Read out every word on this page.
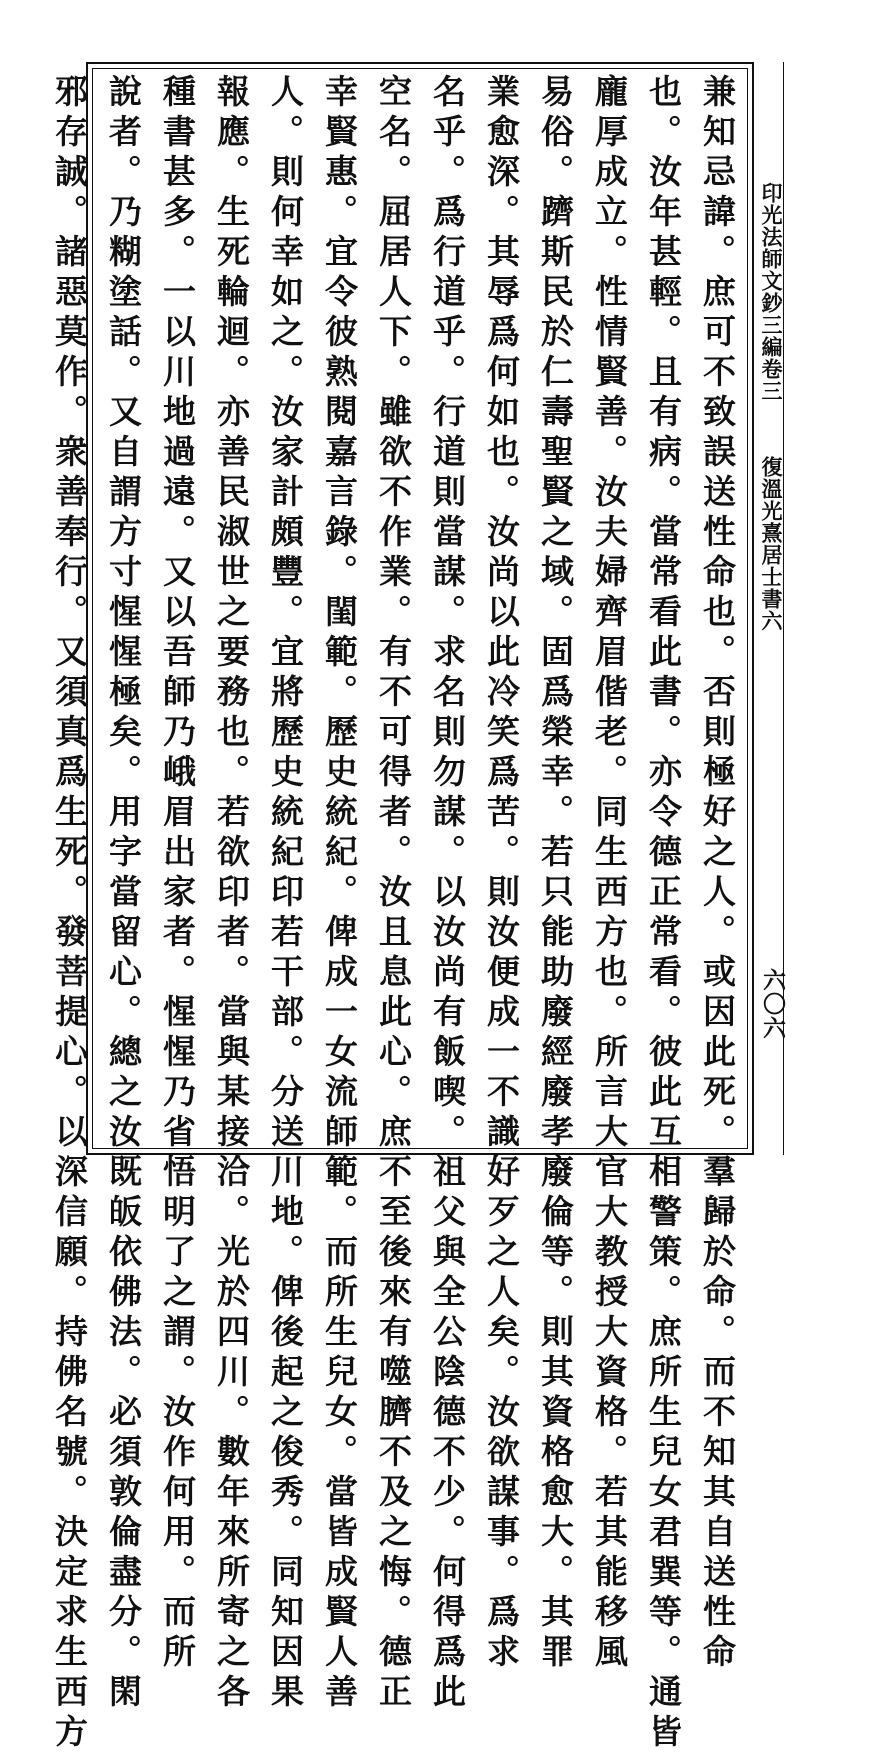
印光法師文鈔三編卷三
復溫光熹居士書六
六〇六
兼知忌諱。庶可不致誤送性命也。否則極好之人。或因此死。羣歸於命。而不知其自送性命
也。汝年甚輕。且有病。當常看此書。亦令德正常看。彼此互相警策。庶所生兒女君巽等。通皆
龐厚成立。性情賢善。汝夫婦齊眉偕老。同生西方也。所言大官大教授大資格。若其能移風
易俗。躋斯民於仁壽聖賢之域。固爲榮幸。若只能助廢經廢孝廢倫等。則其資格愈大。其罪
業愈深。其辱爲何如也。汝尚以此冷笑爲苦。則汝便成一不識好歹之人矣。汝欲謀事。爲求
名乎。爲行道乎。行道則當謀。求名則勿謀。以汝尚有飯喫。祖父與全公陰德不少。何得爲此
空名。屈居人下。雖欲不作業。有不可得者。汝且息此心。庶不至後來有噬臍不及之悔。德正
幸賢惠。宜令彼熟閱嘉言錄。閨範。歷史統紀。俾成一女流師範。而所生兒女。當皆成賢人善
人。則何幸如之。汝家計頗豐。宜將歷史統紀印若干部。分送川地。俾後起之俊秀。同知因果
報應。生死輪迴。亦善民淑世之要務也。若欲印者。當與某接洽。光於四川。數年來所寄之各
種書甚多。一以川地過遠。又以吾師乃峨眉出家者。惺惺乃省悟明了之謂。汝作何用。而所
說者。乃糊塗話。又自謂方寸惺惺極矣。用字當留心。總之汝既皈依佛法。必須敦倫盡分。閑
邪存誠。諸惡莫作。衆善奉行。又須真爲生死。發菩提心。以深信願。持佛名號。決定求生西方
